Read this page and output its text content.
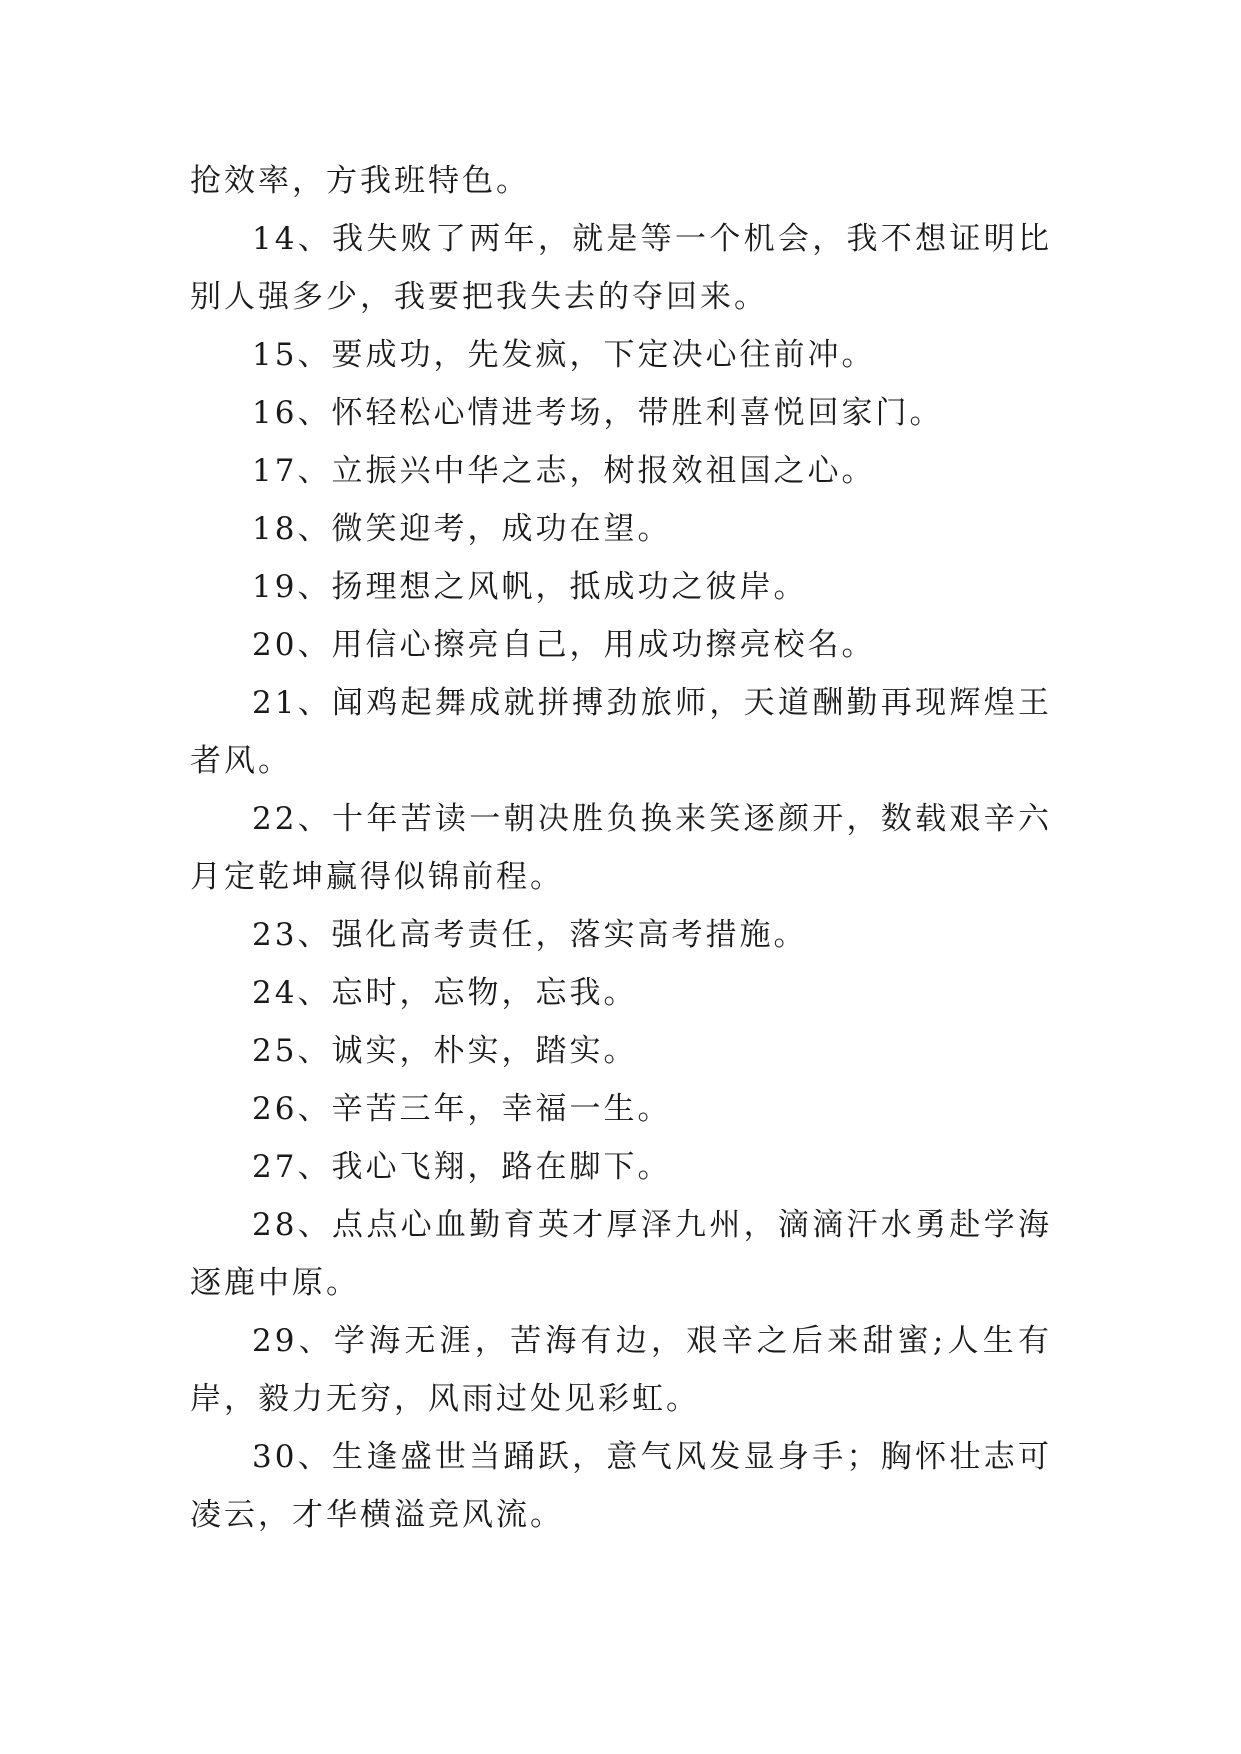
抢效率，方我班特色。

14、我失败了两年，就是等一个机会，我不想证明比别人强多少，我要把我失去的夺回来。

15、要成功，先发疯，下定决心往前冲。

16、怀轻松心情进考场，带胜利喜悦回家门。

17、立振兴中华之志，树报效祖国之心。

18、微笑迎考，成功在望。

19、扬理想之风帆，抵成功之彼岸。

20、用信心擦亮自己，用成功擦亮校名。

21、闻鸡起舞成就拼搏劲旅师，天道酬勤再现辉煌王者风。

22、十年苦读一朝决胜负换来笑逐颜开，数载艰辛六月定乾坤赢得似锦前程。

23、强化高考责任，落实高考措施。

24、忘时，忘物，忘我。

25、诚实，朴实，踏实。

26、辛苦三年，幸福一生。

27、我心飞翔，路在脚下。

28、点点心血勤育英才厚泽九州，滴滴汗水勇赴学海逐鹿中原。

29、学海无涯，苦海有边，艰辛之后来甜蜜;人生有岸，毅力无穷，风雨过处见彩虹。

30、生逢盛世当踊跃，意气风发显身手；胸怀壮志可凌云，才华横溢竞风流。
